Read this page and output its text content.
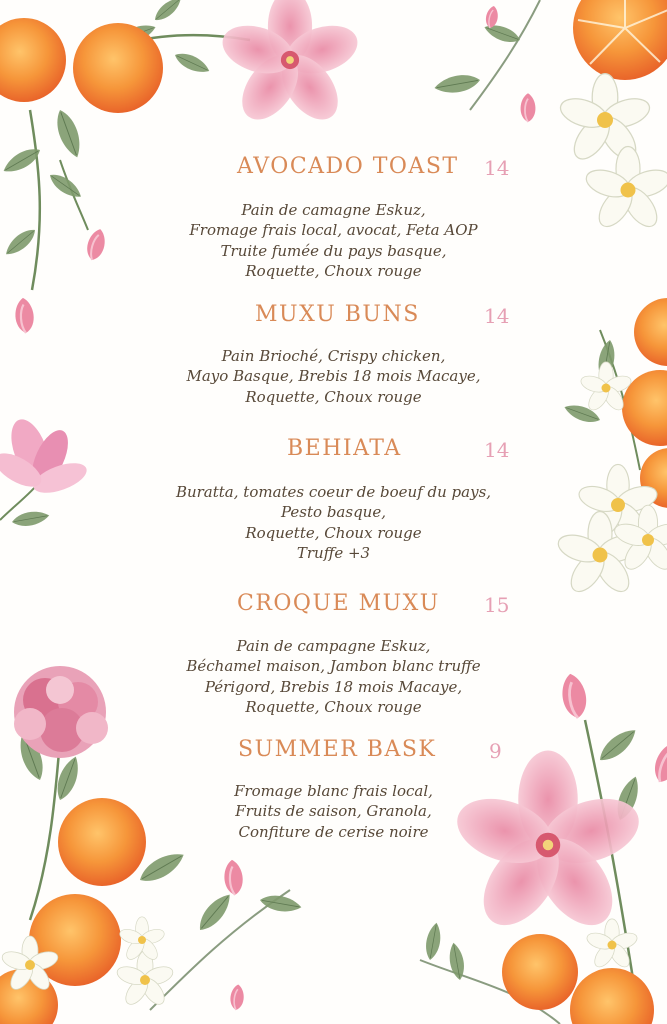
AVOCADO TOAST 14
Pain de camagne Eskuz,
Fromage frais local, avocat, Feta AOP
Truite fumée du pays basque,
Roquette, Choux rouge
MUXU BUNS	14
Pain Brioché, Crispy chicken,
Mayo Basque, Brebis 18 mois Macaye,
Roquette, Choux rouge
BEHIATA	14
Buratta, tomates coeur de boeuf du pays,
Pesto basque,
Roquette, Choux rouge
Truffe +3
CROQUE MUXU 15
Pain de campagne Eskuz,
Béchamel maison, Jambon blanc truffe
Périgord, Brebis 18 mois Macaye,
Roquette, Choux rouge
SUMMER BASK	9
Fromage blanc frais local,
Fruits de saison, Granola,
Confiture de cerise noire
